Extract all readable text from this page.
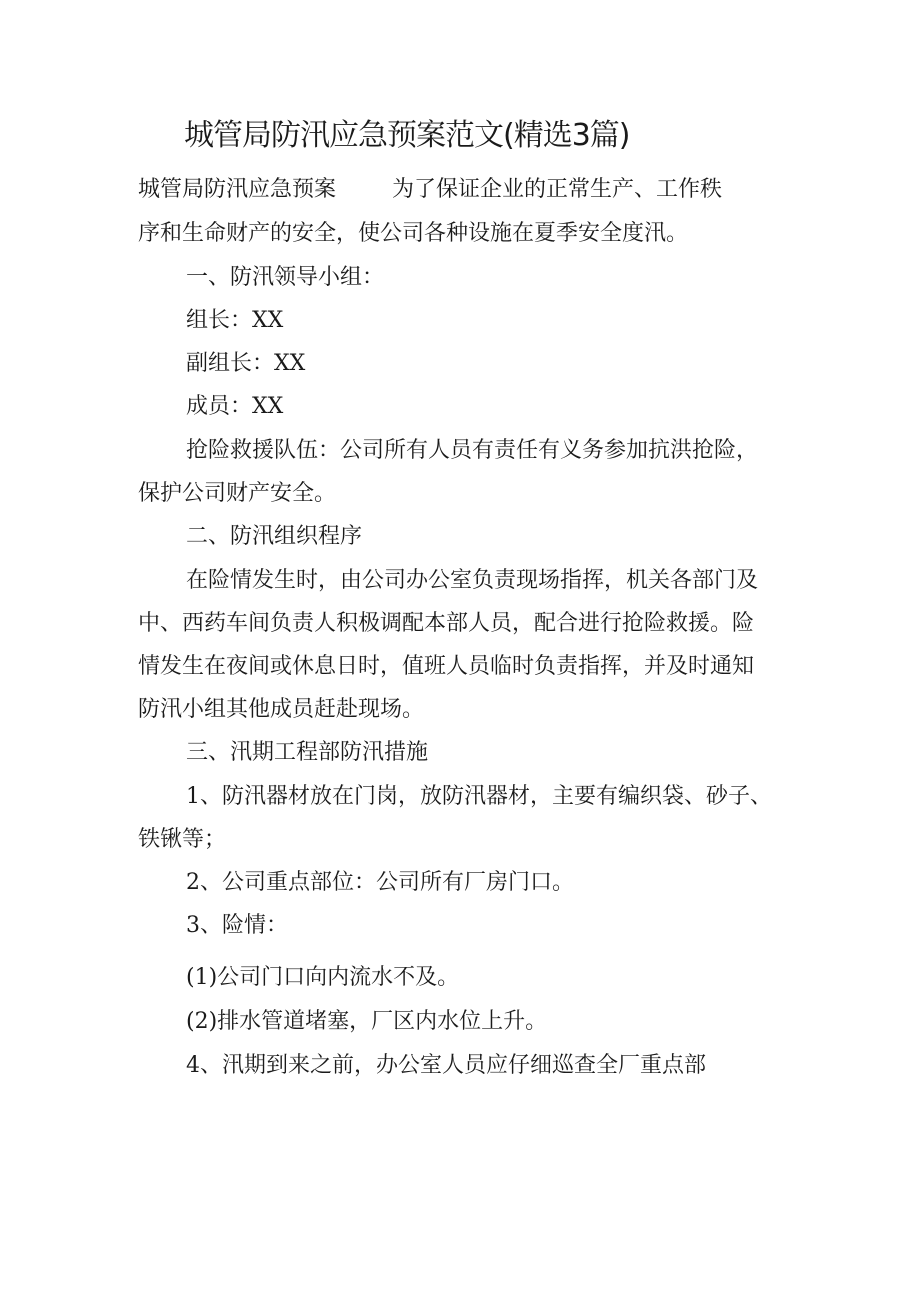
城管局防汛应急预案范文(精选3篇)
城管局防汛应急预案	为了保证企业的正常生产、工作秩
序和生命财产的安全，使公司各种设施在夏季安全度汛。
一、防汛领导小组：
组长：XX
副组长：XX
成员：XX
抢险救援队伍：公司所有人员有责任有义务参加抗洪抢险，
保护公司财产安全。
二、防汛组织程序
在险情发生时，由公司办公室负责现场指挥，机关各部门及
中、西药车间负责人积极调配本部人员，配合进行抢险救援。险
情发生在夜间或休息日时，值班人员临时负责指挥，并及时通知
防汛小组其他成员赶赴现场。
三、汛期工程部防汛措施
1、防汛器材放在门岗，放防汛器材，主要有编织袋、砂子、
铁锹等；
2、公司重点部位：公司所有厂房门口。
3、险情：
(1)公司门口向内流水不及。
(2)排水管道堵塞，厂区内水位上升。
4、汛期到来之前，办公室人员应仔细巡查全厂重点部
